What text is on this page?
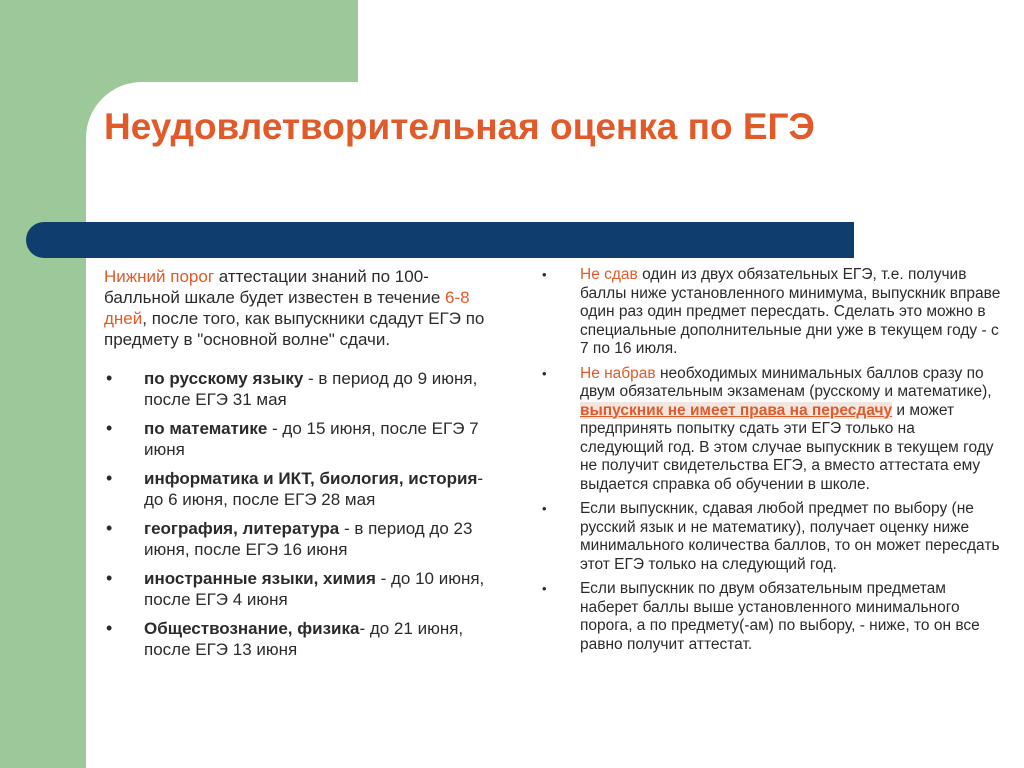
Неудовлетворительная оценка по ЕГЭ

Нижний порог аттестации знаний по 100-балльной шкале будет известен в течение 6-8 дней, после того, как выпускники сдадут ЕГЭ по предмету в "основной волне" сдачи.

• по русскому языку - в период до 9 июня, после ЕГЭ 31 мая
• по математике - до 15 июня, после ЕГЭ 7 июня
• информатика и ИКТ, биология, история- до 6 июня, после ЕГЭ 28 мая
• география, литература - в период до 23 июня, после ЕГЭ 16 июня
• иностранные языки, химия - до 10 июня, после ЕГЭ 4 июня
• Обществознание, физика- до 21 июня, после ЕГЭ 13 июня
• Не сдав один из двух обязательных ЕГЭ, т.е. получив баллы ниже установленного минимума, выпускник вправе один раз один предмет пересдать. Сделать это можно в специальные дополнительные дни уже в текущем году - с 7 по 16 июля.
• Не набрав необходимых минимальных баллов сразу по двум обязательным экзаменам (русскому и математике), выпускник не имеет права на пересдачу и может предпринять попытку сдать эти ЕГЭ только на следующий год. В этом случае выпускник в текущем году не получит свидетельства ЕГЭ, а вместо аттестата ему выдается справка об обучении в школе.
• Если выпускник, сдавая любой предмет по выбору (не русский язык и не математику), получает оценку ниже минимального количества баллов, то он может пересдать этот ЕГЭ только на следующий год.
• Если выпускник по двум обязательным предметам наберет баллы выше установленного минимального порога, а по предмету(-ам) по выбору, - ниже, то он все равно получит аттестат.
